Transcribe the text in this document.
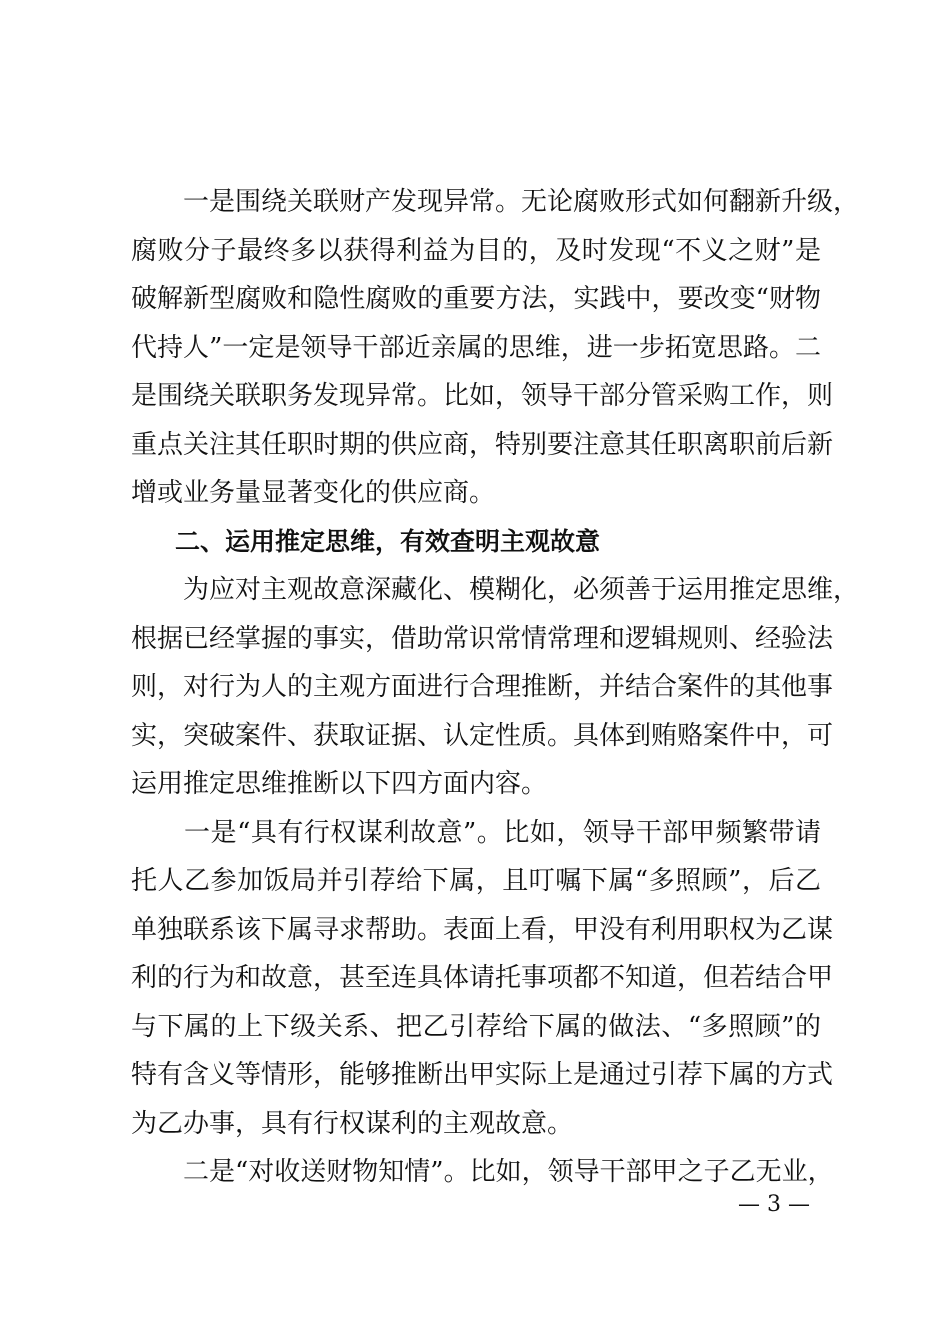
　　一是围绕关联财产发现异常。无论腐败形式如何翻新升级，
腐败分子最终多以获得利益为目的，及时发现“不义之财”是
破解新型腐败和隐性腐败的重要方法，实践中，要改变“财物
代持人”一定是领导干部近亲属的思维，进一步拓宽思路。二
是围绕关联职务发现异常。比如，领导干部分管采购工作，则
重点关注其任职时期的供应商，特别要注意其任职离职前后新
增或业务量显著变化的供应商。
二、运用推定思维，有效查明主观故意
　　为应对主观故意深藏化、模糊化，必须善于运用推定思维，
根据已经掌握的事实，借助常识常情常理和逻辑规则、经验法
则，对行为人的主观方面进行合理推断，并结合案件的其他事
实，突破案件、获取证据、认定性质。具体到贿赂案件中，可
运用推定思维推断以下四方面内容。
　　一是“具有行权谋利故意”。比如，领导干部甲频繁带请
托人乙参加饭局并引荐给下属，且叮嘱下属“多照顾”，后乙
单独联系该下属寻求帮助。表面上看，甲没有利用职权为乙谋
利的行为和故意，甚至连具体请托事项都不知道，但若结合甲
与下属的上下级关系、把乙引荐给下属的做法、“多照顾”的
特有含义等情形，能够推断出甲实际上是通过引荐下属的方式
为乙办事，具有行权谋利的主观故意。
　　二是“对收送财物知情”。比如，领导干部甲之子乙无业，
— 3 —
